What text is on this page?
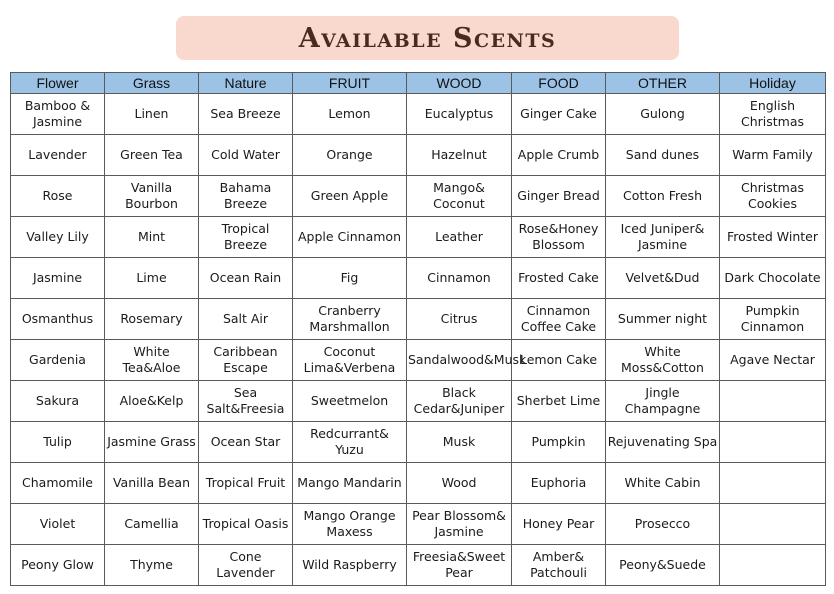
Available Scents
Flower	Grass	Nature	FRUIT	WOOD	FOOD	OTHER	Holiday
Bamboo & Jasmine	Linen	Sea Breeze	Lemon	Eucalyptus	Ginger Cake	Gulong	English Christmas
Lavender	Green Tea	Cold Water	Orange	Hazelnut	Apple Crumb	Sand dunes	Warm Family
Rose	Vanilla Bourbon	Bahama Breeze	Green Apple	Mango& Coconut	Ginger Bread	Cotton Fresh	Christmas Cookies
Valley Lily	Mint	Tropical Breeze	Apple Cinnamon	Leather	Rose&Honey Blossom	Iced Juniper& Jasmine	Frosted Winter
Jasmine	Lime	Ocean Rain	Fig	Cinnamon	Frosted Cake	Velvet&Dud	Dark Chocolate
Osmanthus	Rosemary	Salt Air	Cranberry Marshmallon	Citrus	Cinnamon Coffee Cake	Summer night	Pumpkin Cinnamon
Gardenia	White Tea&Aloe	Caribbean Escape	Coconut Lima&Verbena	Sandalwood&Musk	Lemon Cake	White Moss&Cotton	Agave Nectar
Sakura	Aloe&Kelp	Sea Salt&Freesia	Sweetmelon	Black Cedar&Juniper	Sherbet Lime	Jingle Champagne	
Tulip	Jasmine Grass	Ocean Star	Redcurrant& Yuzu	Musk	Pumpkin	Rejuvenating Spa	
Chamomile	Vanilla Bean	Tropical Fruit	Mango Mandarin	Wood	Euphoria	White Cabin	
Violet	Camellia	Tropical Oasis	Mango Orange Maxess	Pear Blossom& Jasmine	Honey Pear	Prosecco	
Peony Glow	Thyme	Cone Lavender	Wild Raspberry	Freesia&Sweet Pear	Amber& Patchouli	Peony&Suede	
